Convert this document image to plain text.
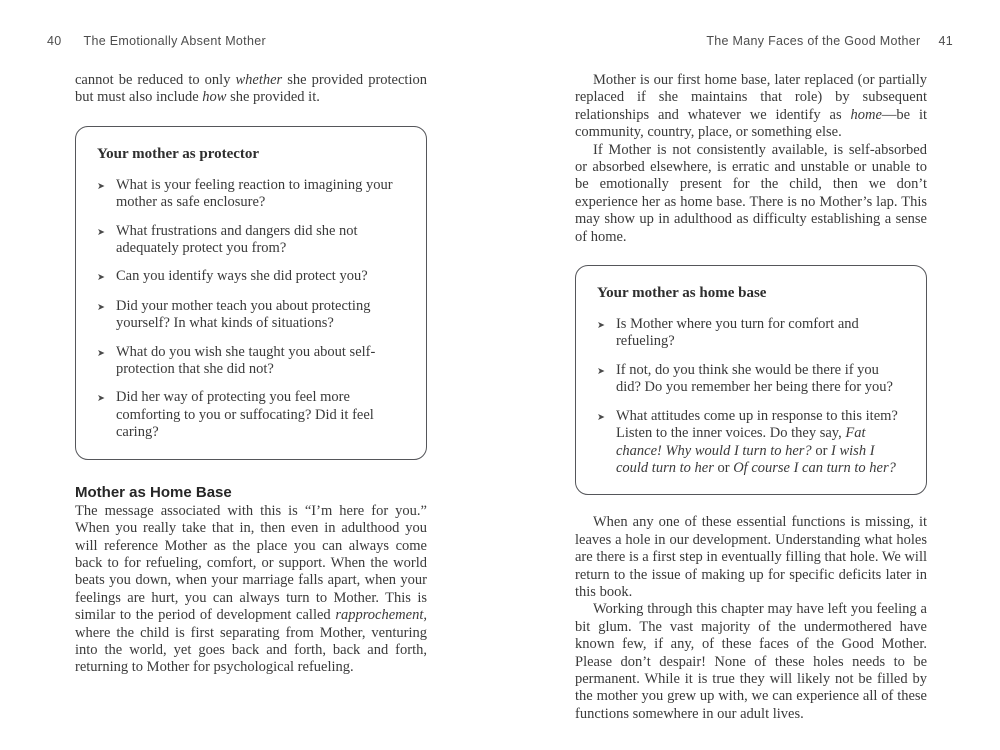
40 The Emotionally Absent Mother	The Many Faces of the Good Mother 41

cannot be reduced to only whether she provided protection but must also include how she provided it.

Your mother as protector
➤ What is your feeling reaction to imagining your mother as safe enclosure?
➤ What frustrations and dangers did she not adequately protect you from?
➤ Can you identify ways she did protect you?
➤ Did your mother teach you about protecting yourself? In what kinds of situations?
➤ What do you wish she taught you about self-protection that she did not?
➤ Did her way of protecting you feel more comforting to you or suffocating? Did it feel caring?
Mother as Home Base

The message associated with this is “I’m here for you.” When you really take that in, then even in adulthood you will reference Mother as the place you can always come back to for refueling, comfort, or support. When the world beats you down, when your marriage falls apart, when your feelings are hurt, you can always turn to Mother. This is similar to the period of development called rapprochement, where the child is first separating from Mother, venturing into the world, yet goes back and forth, back and forth, returning to Mother for psychological refueling.

Mother is our first home base, later replaced (or partially replaced if she maintains that role) by subsequent relationships and whatever we identify as home—be it community, country, place, or something else.

If Mother is not consistently available, is self-absorbed or absorbed elsewhere, is erratic and unstable or unable to be emotionally present for the child, then we don’t experience her as home base. There is no Mother’s lap. This may show up in adulthood as difficulty establishing a sense of home.

Your mother as home base
➤ Is Mother where you turn for comfort and refueling?
➤ If not, do you think she would be there if you did? Do you remember her being there for you?
➤ What attitudes come up in response to this item? Listen to the inner voices. Do they say, Fat chance! Why would I turn to her? or I wish I could turn to her or Of course I can turn to her?

When any one of these essential functions is missing, it leaves a hole in our development. Understanding what holes are there is a first step in eventually filling that hole. We will return to the issue of making up for specific deficits later in this book.

Working through this chapter may have left you feeling a bit glum. The vast majority of the undermothered have known few, if any, of these faces of the Good Mother. Please don’t despair! None of these holes needs to be permanent. While it is true they will likely not be filled by the mother you grew up with, we can experience all of these functions somewhere in our adult lives.
